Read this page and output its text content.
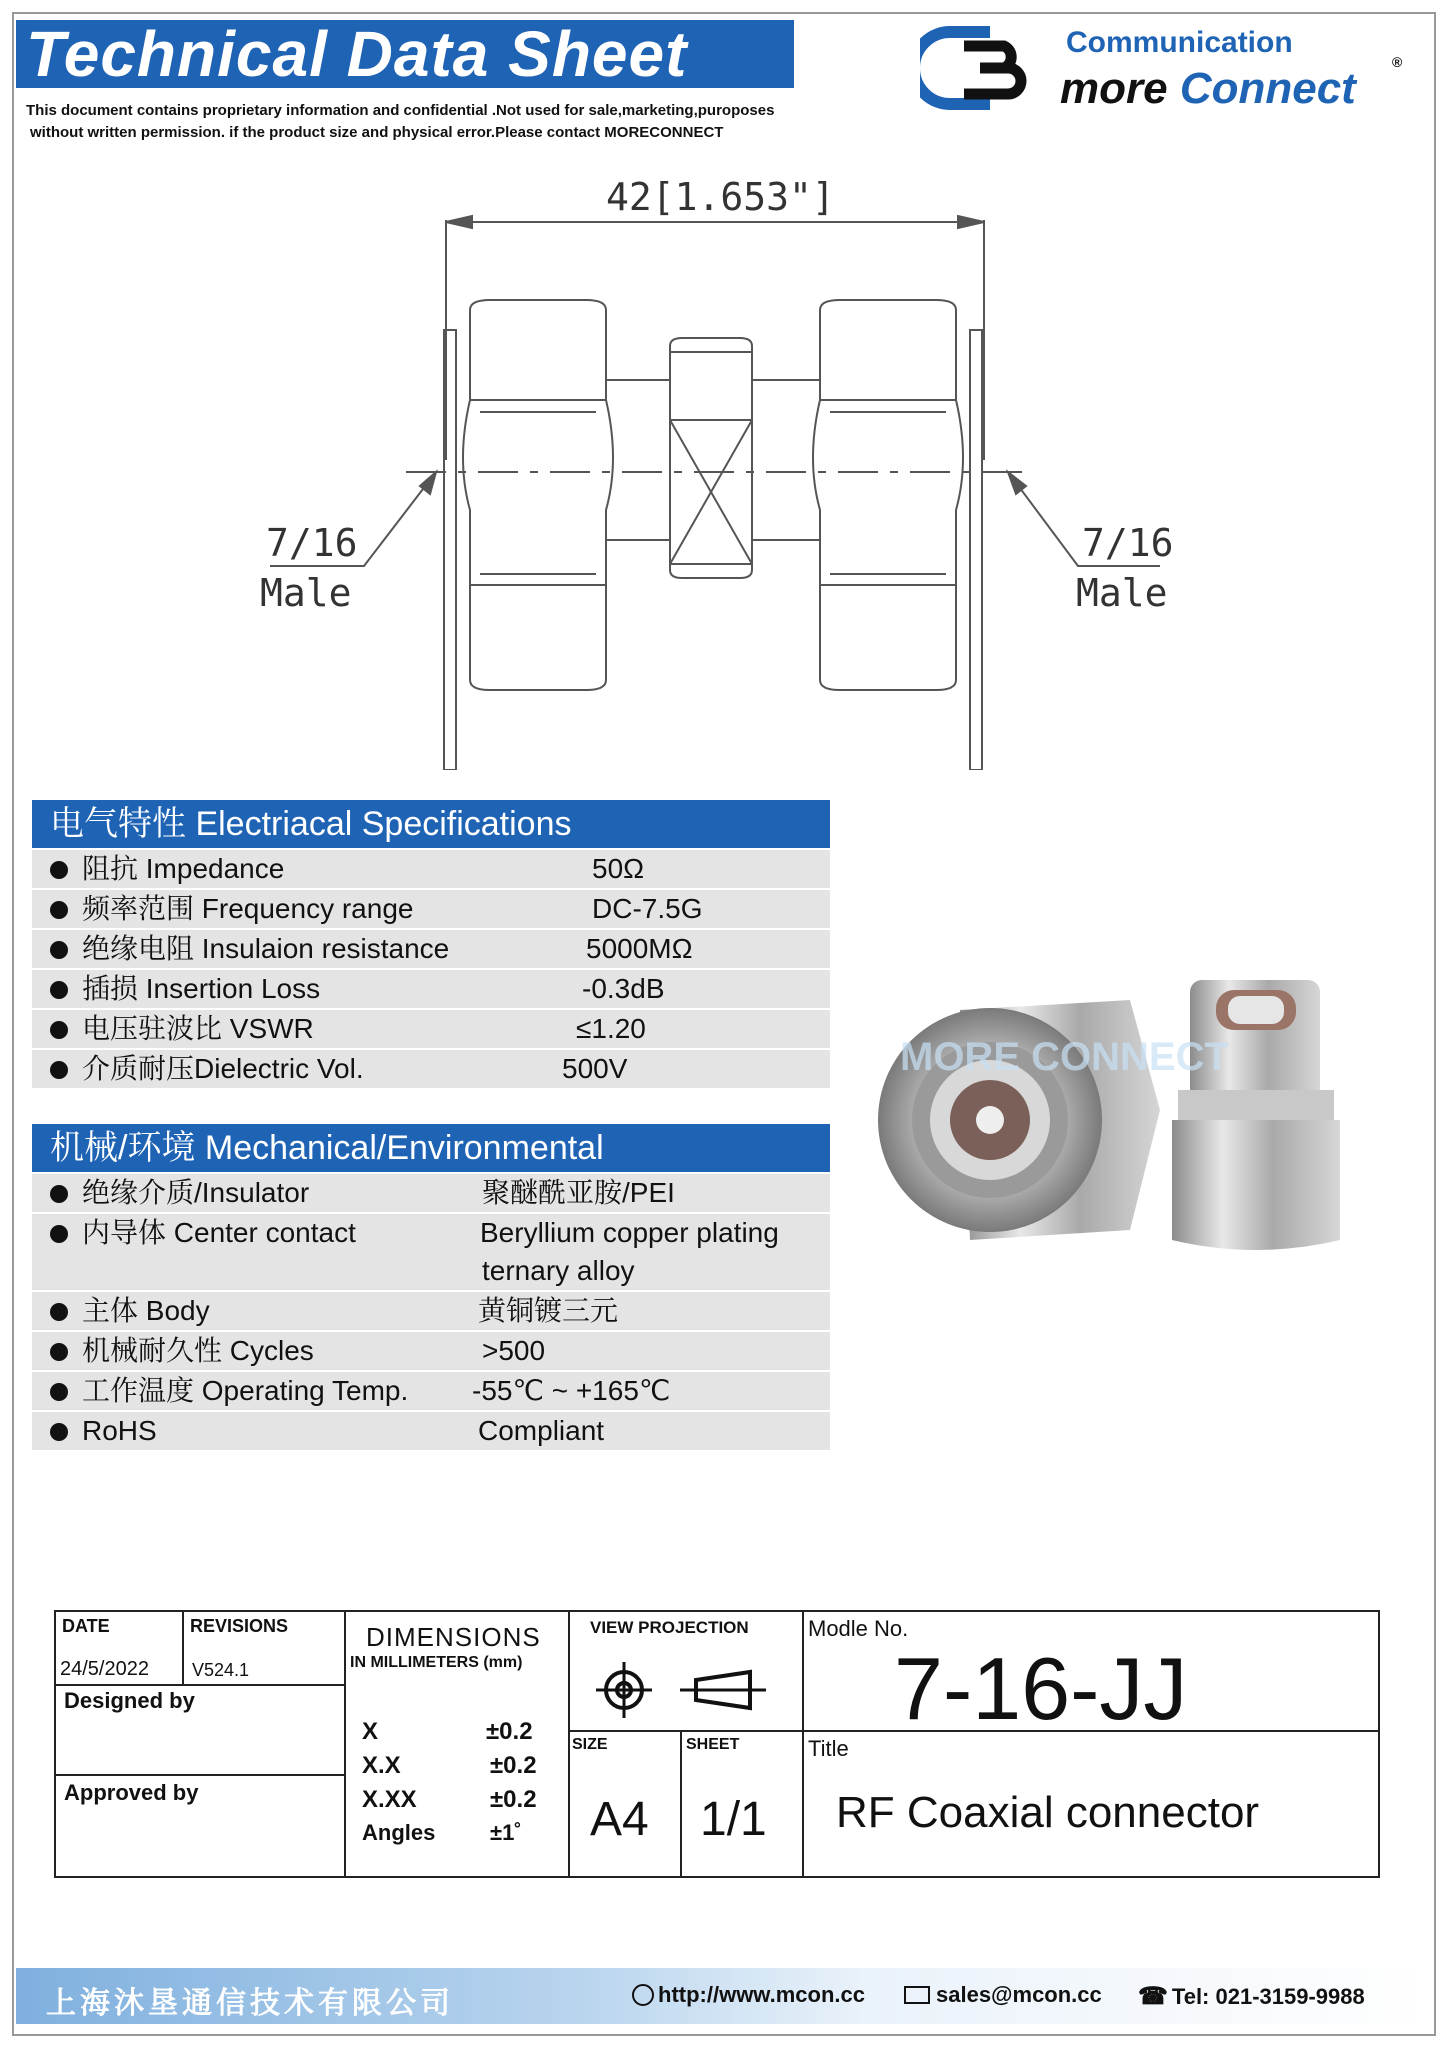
Technical Data Sheet
This document contains proprietary information and confidential .Not used for sale,marketing,puroposes
without written permission. if the product size and physical error.Please contact MORECONNECT
Communication
more Connect
®
42[1.653"]
7/16
Male
7/16
Male
电气特性 Electriacal Specifications
阻抗 Impedance	50Ω
频率范围 Frequency range	DC-7.5G
绝缘电阻 Insulaion resistance	5000MΩ
插损 Insertion Loss	-0.3dB
电压驻波比 VSWR	≤1.20
介质耐压Dielectric Vol.	500V
机械/环境 Mechanical/Environmental
绝缘介质/Insulator	聚醚酰亚胺/PEI
内导体 Center contact	Beryllium copper plating
ternary alloy
主体 Body	黄铜镀三元
机械耐久性 Cycles	>500
工作温度 Operating Temp. -55℃ ~ +165℃
RoHS	Compliant
MORE CONNECT
DATE	REVISIONS
24/5/2022 V524.1
Designed by
Approved by
DIMENSIONS
IN MILLIMETERS (mm)
X	±0.2
X.X	±0.2
X.XX	±0.2
Angles ±1˚
VIEW PROJECTION
SIZE
A4
SHEET
1/1
Modle No.
7-16-JJ
Title
RF Coaxial connector
上海沐垦通信技术有限公司	http://www.mcon.cc	sales@mcon.cc ☎ Tel: 021-3159-9988
